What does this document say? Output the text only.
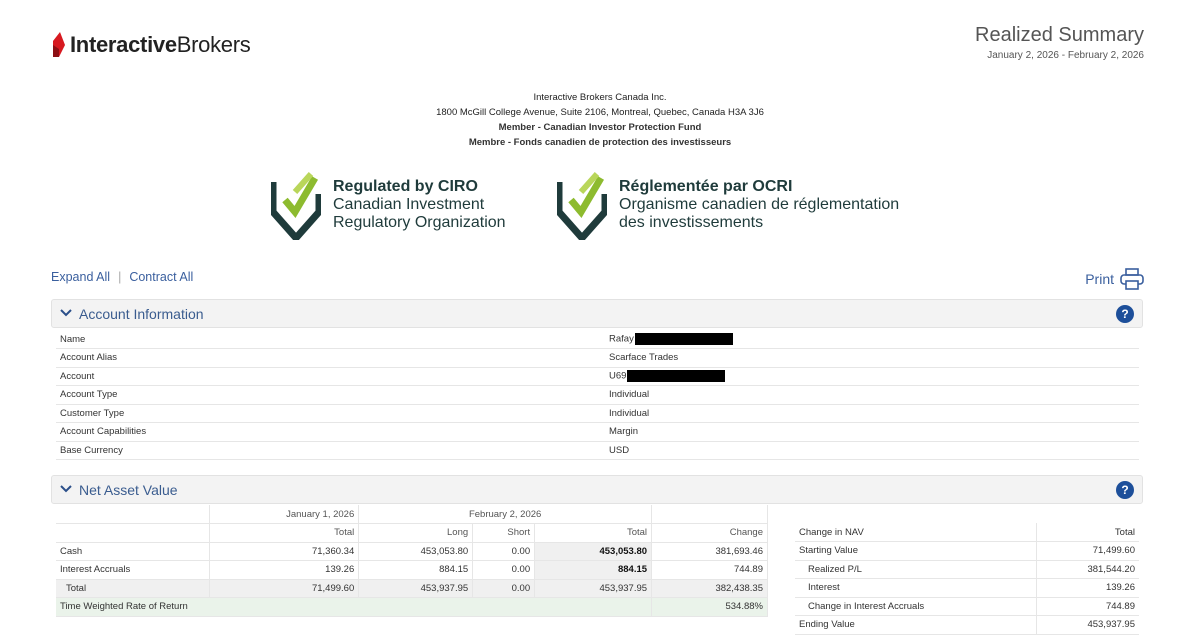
InteractiveBrokers	Realized Summary
January 2, 2026 - February 2, 2026
Interactive Brokers Canada Inc.
1800 McGill College Avenue, Suite 2106, Montreal, Quebec, Canada H3A 3J6
Member - Canadian Investor Protection Fund
Membre - Fonds canadien de protection des investisseurs
Regulated by CIRO
Canadian Investment
Regulatory Organization
Réglementée par OCRI
Organisme canadien de réglementation
des investissements
Expand All | Contract All	Print
Account Information	?
Name	Rafay
Account Alias	Scarface Trades
Account	U69
Account Type	Individual
Customer Type	Individual
Account Capabilities	Margin
Base Currency	USD
Net Asset Value	?
	January 1, 2026	February 2, 2026			
	Total	Long	Short	Total	Change
Cash	71,360.34	453,053.80	0.00	453,053.80	381,693.46
Interest Accruals	139.26	884.15	0.00	884.15	744.89
Total	71,499.60	453,937.95	0.00	453,937.95	382,438.35
Time Weighted Rate of Return					534.88%
Change in NAV	Total
Starting Value	71,499.60
Realized P/L	381,544.20
Interest	139.26
Change in Interest Accruals	744.89
Ending Value	453,937.95
